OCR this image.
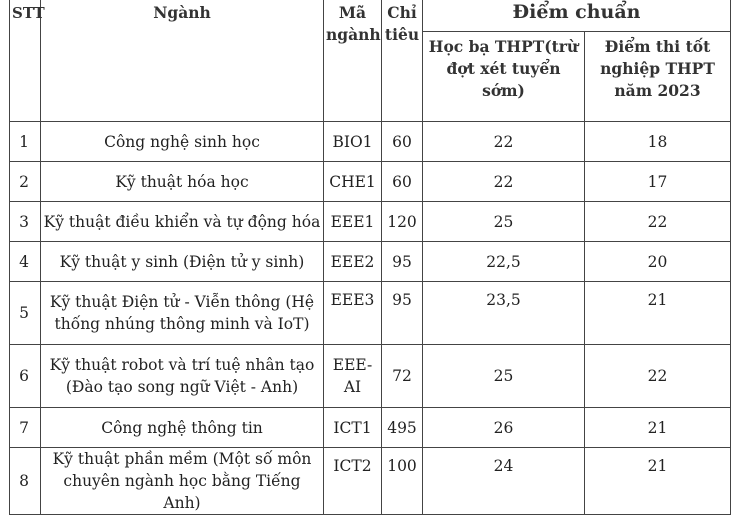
STT	Ngành	Mã ngành	Chỉ tiêu	Điểm chuẩn	
				Học bạ THPT(trừ đợt xét tuyển sớm)	Điểm thi tốt nghiệp THPT năm 2023
1	Công nghệ sinh học	BIO1	60	22	18
2	Kỹ thuật hóa học	CHE1	60	22	17
3	Kỹ thuật điều khiển và tự động hóa	EEE1	120	25	22
4	Kỹ thuật y sinh (Điện tử y sinh)	EEE2	95	22,5	20
5	Kỹ thuật Điện tử - Viễn thông (Hệ thống nhúng thông minh và IoT)	EEE3	95	23,5	21
6	Kỹ thuật robot và trí tuệ nhân tạo (Đào tạo song ngữ Việt - Anh)	EEE-AI	72	25	22
7	Công nghệ thông tin	ICT1	495	26	21
8	Kỹ thuật phần mềm (Một số môn chuyên ngành học bằng Tiếng Anh)	ICT2	100	24	21
